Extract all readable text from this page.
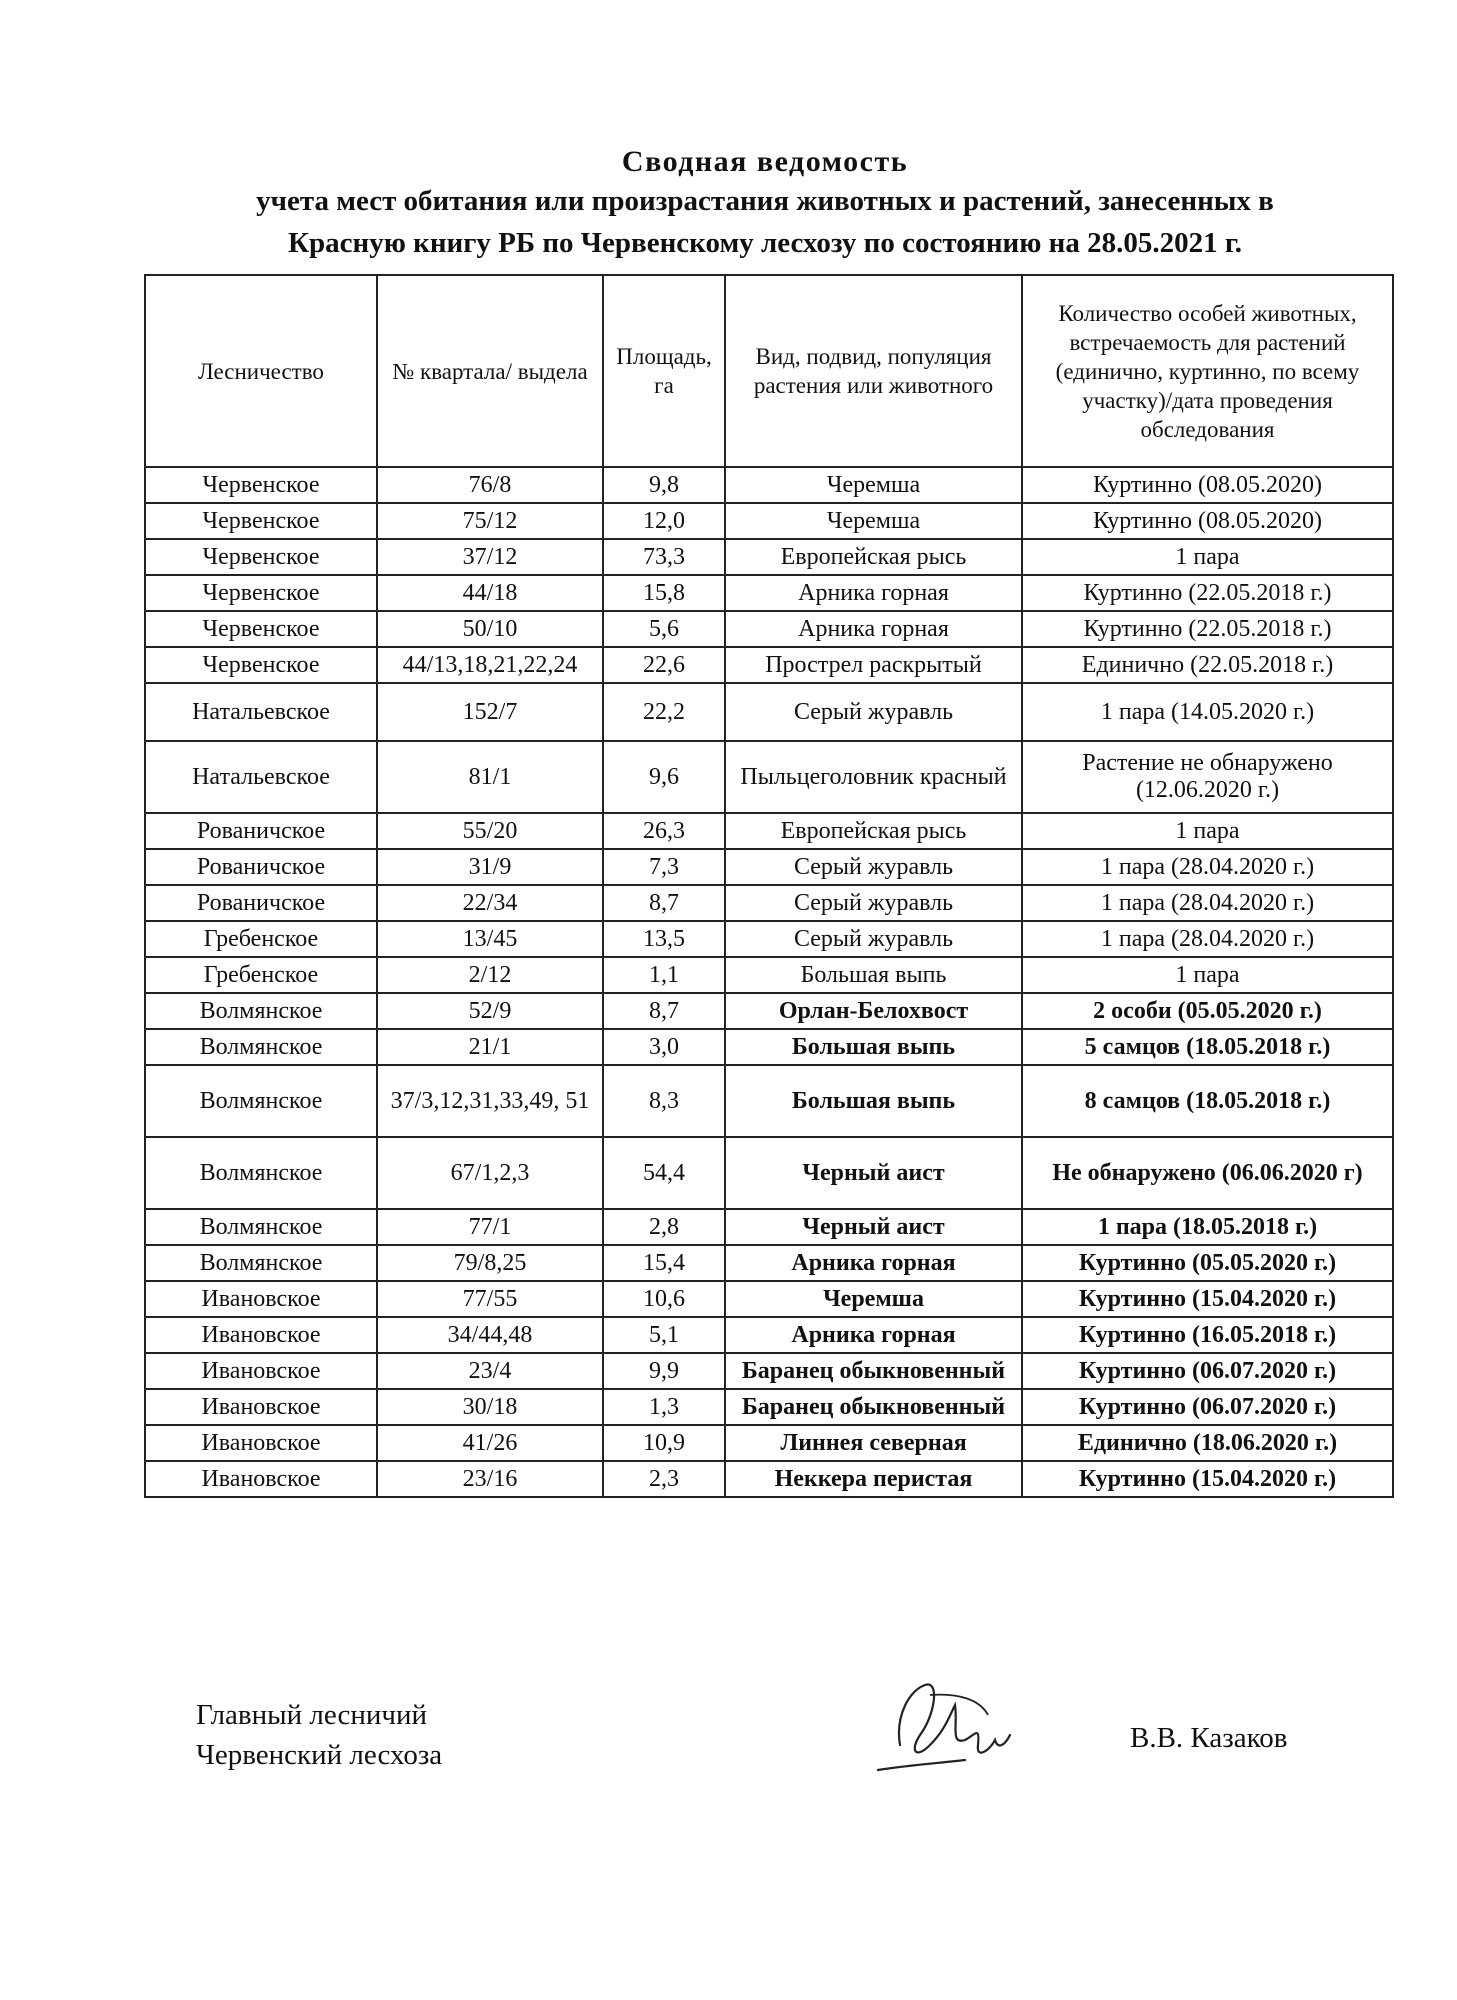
Сводная ведомость
учета мест обитания или произрастания животных и растений, занесенных в
Красную книгу РБ по Червенскому лесхозу по состоянию на 28.05.2021 г.
Лесничество	№ квартала/ выдела	Площадь, га	Вид, подвид, популяция растения или животного	Количество особей животных, встречаемость для растений (единично, куртинно, по всему участку)/дата проведения обследования
Червенское	76/8	9,8	Черемша	Куртинно (08.05.2020)
Червенское	75/12	12,0	Черемша	Куртинно (08.05.2020)
Червенское	37/12	73,3	Европейская рысь	1 пара
Червенское	44/18	15,8	Арника горная	Куртинно (22.05.2018 г.)
Червенское	50/10	5,6	Арника горная	Куртинно (22.05.2018 г.)
Червенское	44/13,18,21,22,24	22,6	Прострел раскрытый	Единично (22.05.2018 г.)
Натальевское	152/7	22,2	Серый журавль	1 пара (14.05.2020 г.)
Натальевское	81/1	9,6	Пыльцеголовник красный	Растение не обнаружено (12.06.2020 г.)
Рованичское	55/20	26,3	Европейская рысь	1 пара
Рованичское	31/9	7,3	Серый журавль	1 пара (28.04.2020 г.)
Рованичское	22/34	8,7	Серый журавль	1 пара (28.04.2020 г.)
Гребенское	13/45	13,5	Серый журавль	1 пара (28.04.2020 г.)
Гребенское	2/12	1,1	Большая выпь	1 пара
Волмянское	52/9	8,7	Орлан-Белохвост	2 особи (05.05.2020 г.)
Волмянское	21/1	3,0	Большая выпь	5 самцов (18.05.2018 г.)
Волмянское	37/3,12,31,33,49, 51	8,3	Большая выпь	8 самцов (18.05.2018 г.)
Волмянское	67/1,2,3	54,4	Черный аист	Не обнаружено (06.06.2020 г)
Волмянское	77/1	2,8	Черный аист	1 пара (18.05.2018 г.)
Волмянское	79/8,25	15,4	Арника горная	Куртинно (05.05.2020 г.)
Ивановское	77/55	10,6	Черемша	Куртинно (15.04.2020 г.)
Ивановское	34/44,48	5,1	Арника горная	Куртинно (16.05.2018 г.)
Ивановское	23/4	9,9	Баранец обыкновенный	Куртинно (06.07.2020 г.)
Ивановское	30/18	1,3	Баранец обыкновенный	Куртинно (06.07.2020 г.)
Ивановское	41/26	10,9	Линнея северная	Единично (18.06.2020 г.)
Ивановское	23/16	2,3	Неккера перистая	Куртинно (15.04.2020 г.)
Главный лесничий
Червенский лесхоза
В.В. Казаков
